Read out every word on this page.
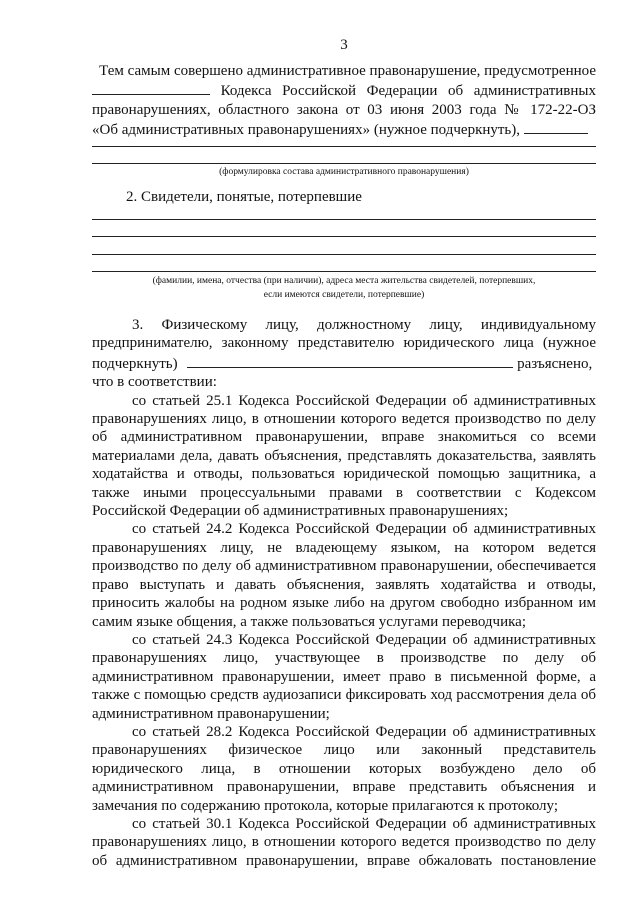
3

Тем самым совершено административное правонарушение, предусмотренное

Кодекса Российской Федерации об административных

правонарушениях, областного закона от 03 июня 2003 года № 172-22-ОЗ

«Об административных правонарушениях» (нужное подчеркнуть),

(формулировка состава административного правонарушения)
2. Свидетели, понятые, потерпевшие
(фамилии, имена, отчества (при наличии), адреса места жительства свидетелей, потерпевших,
если имеются свидетели, потерпевшие)

3. Физическому лицу, должностному лицу, индивидуальному

предпринимателю, законному представителю юридического лица (нужное

подчеркнуть)	разъяснено,

что в соответствии:

со статьей 25.1 Кодекса Российской Федерации об административных правонарушениях лицо, в отношении которого ведется производство по делу об административном правонарушении, вправе знакомиться со всеми материалами дела, давать объяснения, представлять доказательства, заявлять ходатайства и отводы, пользоваться юридической помощью защитника, а также иными процессуальными правами в соответствии с Кодексом Российской Федерации об административных правонарушениях;

со статьей 24.2 Кодекса Российской Федерации об административных правонарушениях лицу, не владеющему языком, на котором ведется производство по делу об административном правонарушении, обеспечивается право выступать и давать объяснения, заявлять ходатайства и отводы, приносить жалобы на родном языке либо на другом свободно избранном им самим языке общения, а также пользоваться услугами переводчика;

со статьей 24.3 Кодекса Российской Федерации об административных правонарушениях лицо, участвующее в производстве по делу об административном правонарушении, имеет право в письменной форме, а также с помощью средств аудиозаписи фиксировать ход рассмотрения дела об административном правонарушении;

со статьей 28.2 Кодекса Российской Федерации об административных правонарушениях физическое лицо или законный представитель юридического лица, в отношении которых возбуждено дело об административном правонарушении, вправе представить объяснения и замечания по содержанию протокола, которые прилагаются к протоколу;

со статьей 30.1 Кодекса Российской Федерации об административных правонарушениях лицо, в отношении которого ведется производство по делу об административном правонарушении, вправе обжаловать постановление
